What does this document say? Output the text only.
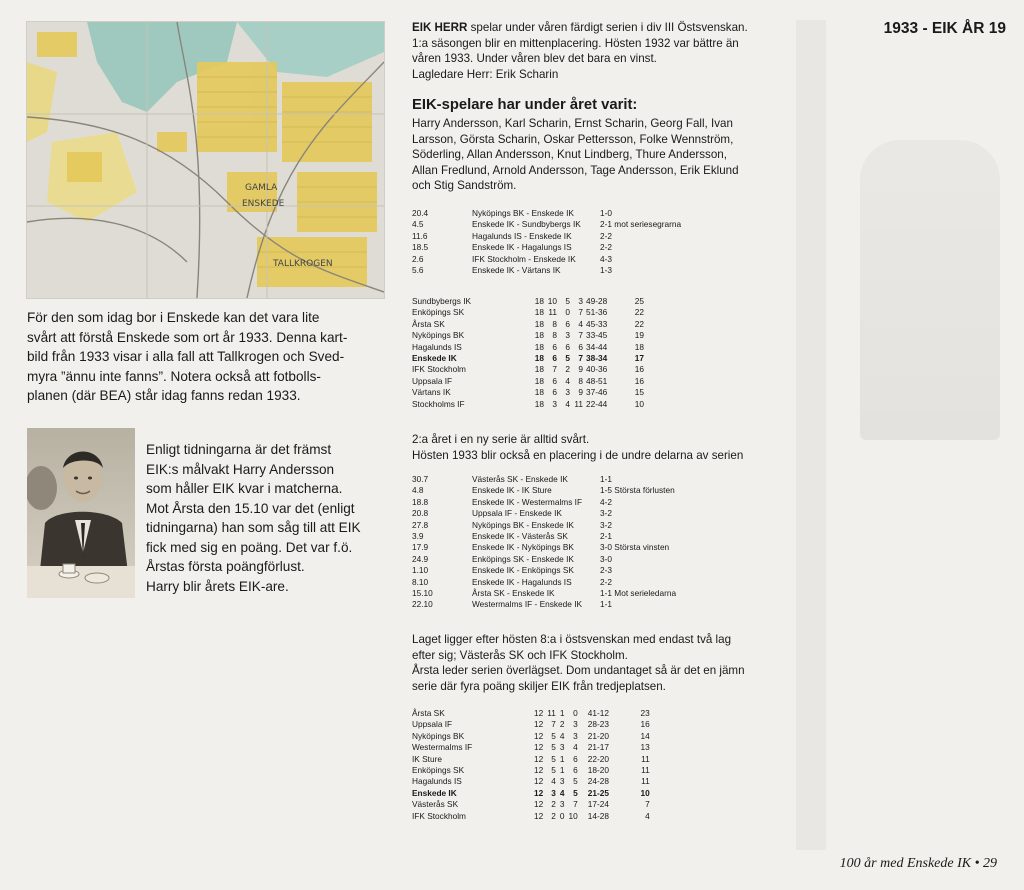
1933 - EIK ÅR 19
GAMLA
ENSKEDE
TALLKROGEN
För den som idag bor i Enskede kan det vara lite
svårt att förstå Enskede som ort år 1933. Denna kart-
bild från 1933 visar i alla fall att Tallkrogen och Sved-
myra ”ännu inte fanns”. Notera också att fotbolls-
planen (där BEA) står idag fanns redan 1933.
Enligt tidningarna är det främst
EIK:s målvakt Harry Andersson
som håller EIK kvar i matcherna.
Mot Årsta den 15.10 var det (enligt
tidningarna) han som såg till att EIK
fick med sig en poäng. Det var f.ö.
Årstas första poängförlust.
Harry blir årets EIK-are.
EIK HERR spelar under våren färdigt serien i div III Östsvenskan.
1:a säsongen blir en mittenplacering. Hösten 1932 var bättre än
våren 1933. Under våren blev det bara en vinst.
Lagledare Herr: Erik Scharin
EIK-spelare har under året varit:
Harry Andersson, Karl Scharin, Ernst Scharin, Georg Fall, Ivan
Larsson, Görsta Scharin, Oskar Pettersson, Folke Wennström,
Söderling, Allan Andersson, Knut Lindberg, Thure Andersson,
Allan Fredlund, Arnold Andersson, Tage Andersson, Erik Eklund
och Stig Sandström.
20.4	Nyköpings BK - Enskede IK	1-0
4.5	Enskede IK - Sundbybergs IK	2-1 mot seriesegrarna
11.6	Hagalunds IS - Enskede IK	2-2
18.5	Enskede IK - Hagalungs IS	2-2
2.6	IFK Stockholm - Enskede IK	4-3
5.6	Enskede IK - Värtans IK	1-3
Sundbybergs IK	18	10	5	3	49-28	25
Enköpings SK	18	11	0	7	51-36	22
Årsta SK	18	8	6	4	45-33	22
Nyköpings BK	18	8	3	7	33-45	19
Hagalunds IS	18	6	6	6	34-44	18
Enskede IK	18	6	5	7	38-34	17
IFK Stockholm	18	7	2	9	40-36	16
Uppsala IF	18	6	4	8	48-51	16
Värtans IK	18	6	3	9	37-46	15
Stockholms IF	18	3	4	11	22-44	10
2:a året i en ny serie är alltid svårt.
Hösten 1933 blir också en placering i de undre delarna av serien
30.7	Västerås SK - Enskede IK	1-1
4.8	Enskede IK - IK Sture	1-5 Största förlusten
18.8	Enskede IK - Westermalms IF	4-2
20.8	Uppsala IF - Enskede IK	3-2
27.8	Nyköpings BK - Enskede IK	3-2
3.9	Enskede IK - Västerås SK	2-1
17.9	Enskede IK - Nyköpings BK	3-0 Största vinsten
24.9	Enköpings SK - Enskede IK	3-0
1.10	Enskede IK - Enköpings SK	2-3
8.10	Enskede IK - Hagalunds IS	2-2
15.10	Årsta SK - Enskede IK	1-1 Mot serieledarna
22.10	Westermalms IF - Enskede IK	1-1
Laget ligger efter hösten 8:a i östsvenskan med endast två lag
efter sig; Västerås SK och IFK Stockholm.
Årsta leder serien överlägset. Dom undantaget så är det en jämn
serie där fyra poäng skiljer EIK från tredjeplatsen.
Årsta SK	12	11	1	0	41-12	23
Uppsala IF	12	7	2	3	28-23	16
Nyköpings BK	12	5	4	3	21-20	14
Westermalms IF	12	5	3	4	21-17	13
IK Sture	12	5	1	6	22-20	11
Enköpings SK	12	5	1	6	18-20	11
Hagalunds IS	12	4	3	5	24-28	11
Enskede IK	12	3	4	5	21-25	10
Västerås SK	12	2	3	7	17-24	7
IFK Stockholm	12	2	0	10	14-28	4
100 år med Enskede IK • 29
